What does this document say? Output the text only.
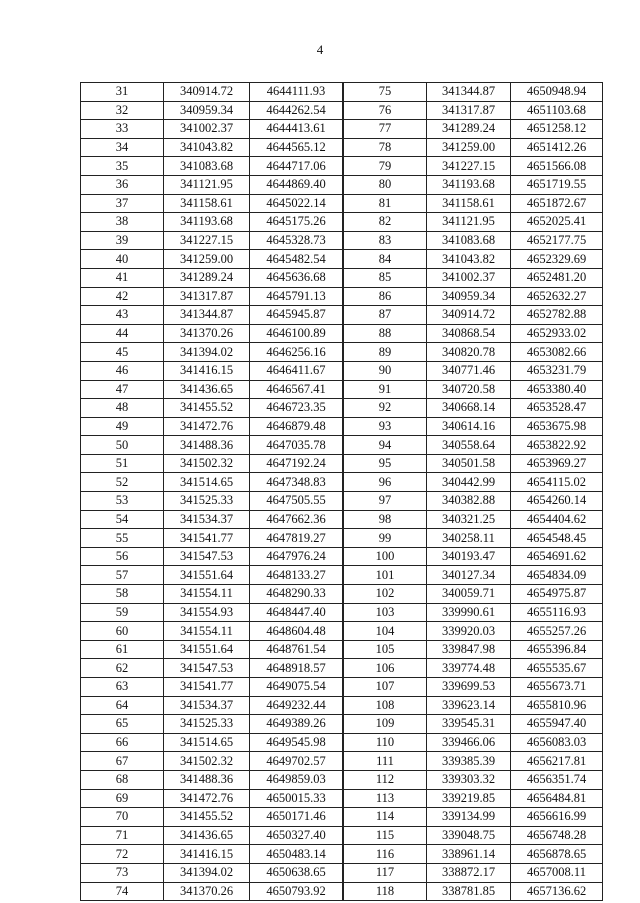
4
31	340914.72	4644111.93
32	340959.34	4644262.54
33	341002.37	4644413.61
34	341043.82	4644565.12
35	341083.68	4644717.06
36	341121.95	4644869.40
37	341158.61	4645022.14
38	341193.68	4645175.26
39	341227.15	4645328.73
40	341259.00	4645482.54
41	341289.24	4645636.68
42	341317.87	4645791.13
43	341344.87	4645945.87
44	341370.26	4646100.89
45	341394.02	4646256.16
46	341416.15	4646411.67
47	341436.65	4646567.41
48	341455.52	4646723.35
49	341472.76	4646879.48
50	341488.36	4647035.78
51	341502.32	4647192.24
52	341514.65	4647348.83
53	341525.33	4647505.55
54	341534.37	4647662.36
55	341541.77	4647819.27
56	341547.53	4647976.24
57	341551.64	4648133.27
58	341554.11	4648290.33
59	341554.93	4648447.40
60	341554.11	4648604.48
61	341551.64	4648761.54
62	341547.53	4648918.57
63	341541.77	4649075.54
64	341534.37	4649232.44
65	341525.33	4649389.26
66	341514.65	4649545.98
67	341502.32	4649702.57
68	341488.36	4649859.03
69	341472.76	4650015.33
70	341455.52	4650171.46
71	341436.65	4650327.40
72	341416.15	4650483.14
73	341394.02	4650638.65
74	341370.26	4650793.92
75	341344.87	4650948.94
76	341317.87	4651103.68
77	341289.24	4651258.12
78	341259.00	4651412.26
79	341227.15	4651566.08
80	341193.68	4651719.55
81	341158.61	4651872.67
82	341121.95	4652025.41
83	341083.68	4652177.75
84	341043.82	4652329.69
85	341002.37	4652481.20
86	340959.34	4652632.27
87	340914.72	4652782.88
88	340868.54	4652933.02
89	340820.78	4653082.66
90	340771.46	4653231.79
91	340720.58	4653380.40
92	340668.14	4653528.47
93	340614.16	4653675.98
94	340558.64	4653822.92
95	340501.58	4653969.27
96	340442.99	4654115.02
97	340382.88	4654260.14
98	340321.25	4654404.62
99	340258.11	4654548.45
100	340193.47	4654691.62
101	340127.34	4654834.09
102	340059.71	4654975.87
103	339990.61	4655116.93
104	339920.03	4655257.26
105	339847.98	4655396.84
106	339774.48	4655535.67
107	339699.53	4655673.71
108	339623.14	4655810.96
109	339545.31	4655947.40
110	339466.06	4656083.03
111	339385.39	4656217.81
112	339303.32	4656351.74
113	339219.85	4656484.81
114	339134.99	4656616.99
115	339048.75	4656748.28
116	338961.14	4656878.65
117	338872.17	4657008.11
118	338781.85	4657136.62
